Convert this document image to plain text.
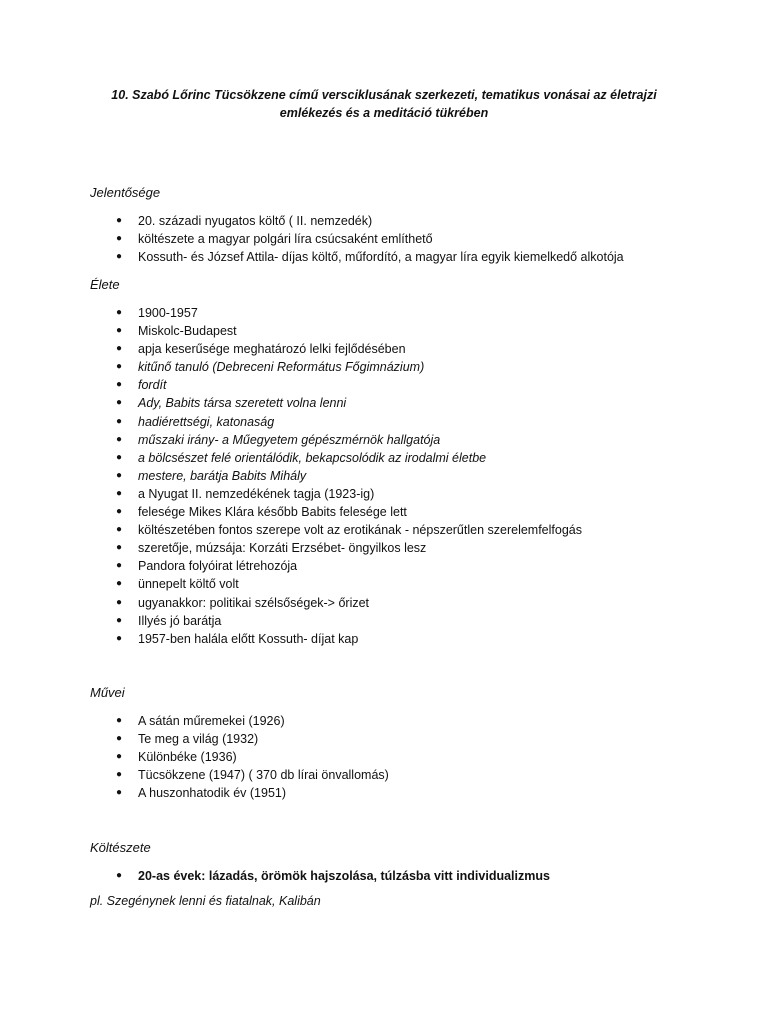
10. Szabó Lőrinc Tücsökzene című versciklusának szerkezeti, tematikus vonásai az életrajzi
emlékezés és a meditáció tükrében
Jelentősége
● 20. századi nyugatos költő ( II. nemzedék)
● költészete a magyar polgári líra csúcsaként említhető
● Kossuth- és József Attila- díjas költő, műfordító, a magyar líra egyik kiemelkedő alkotója
Élete
● 1900-1957
● Miskolc-Budapest
● apja keserűsége meghatározó lelki fejlődésében
● kitűnő tanuló (Debreceni Református Főgimnázium)
● fordít
● Ady, Babits társa szeretett volna lenni
● hadiérettségi, katonaság
● műszaki irány- a Műegyetem gépészmérnök hallgatója
● a bölcsészet felé orientálódik, bekapcsolódik az irodalmi életbe
● mestere, barátja Babits Mihály
● a Nyugat II. nemzedékének tagja (1923-ig)
● felesége Mikes Klára később Babits felesége lett
● költészetében fontos szerepe volt az erotikának - népszerűtlen szerelemfelfogás
● szeretője, múzsája: Korzáti Erzsébet- öngyilkos lesz
● Pandora folyóirat létrehozója
● ünnepelt költő volt
● ugyanakkor: politikai szélsőségek-> őrizet
● Illyés jó barátja
● 1957-ben halála előtt Kossuth- díjat kap
Művei
● A sátán műremekei (1926)
● Te meg a világ (1932)
● Különbéke (1936)
● Tücsökzene (1947) ( 370 db lírai önvallomás)
● A huszonhatodik év (1951)
Költészete
● 20-as évek: lázadás, örömök hajszolása, túlzásba vitt individualizmus
pl. Szegénynek lenni és fiatalnak, Kalibán
